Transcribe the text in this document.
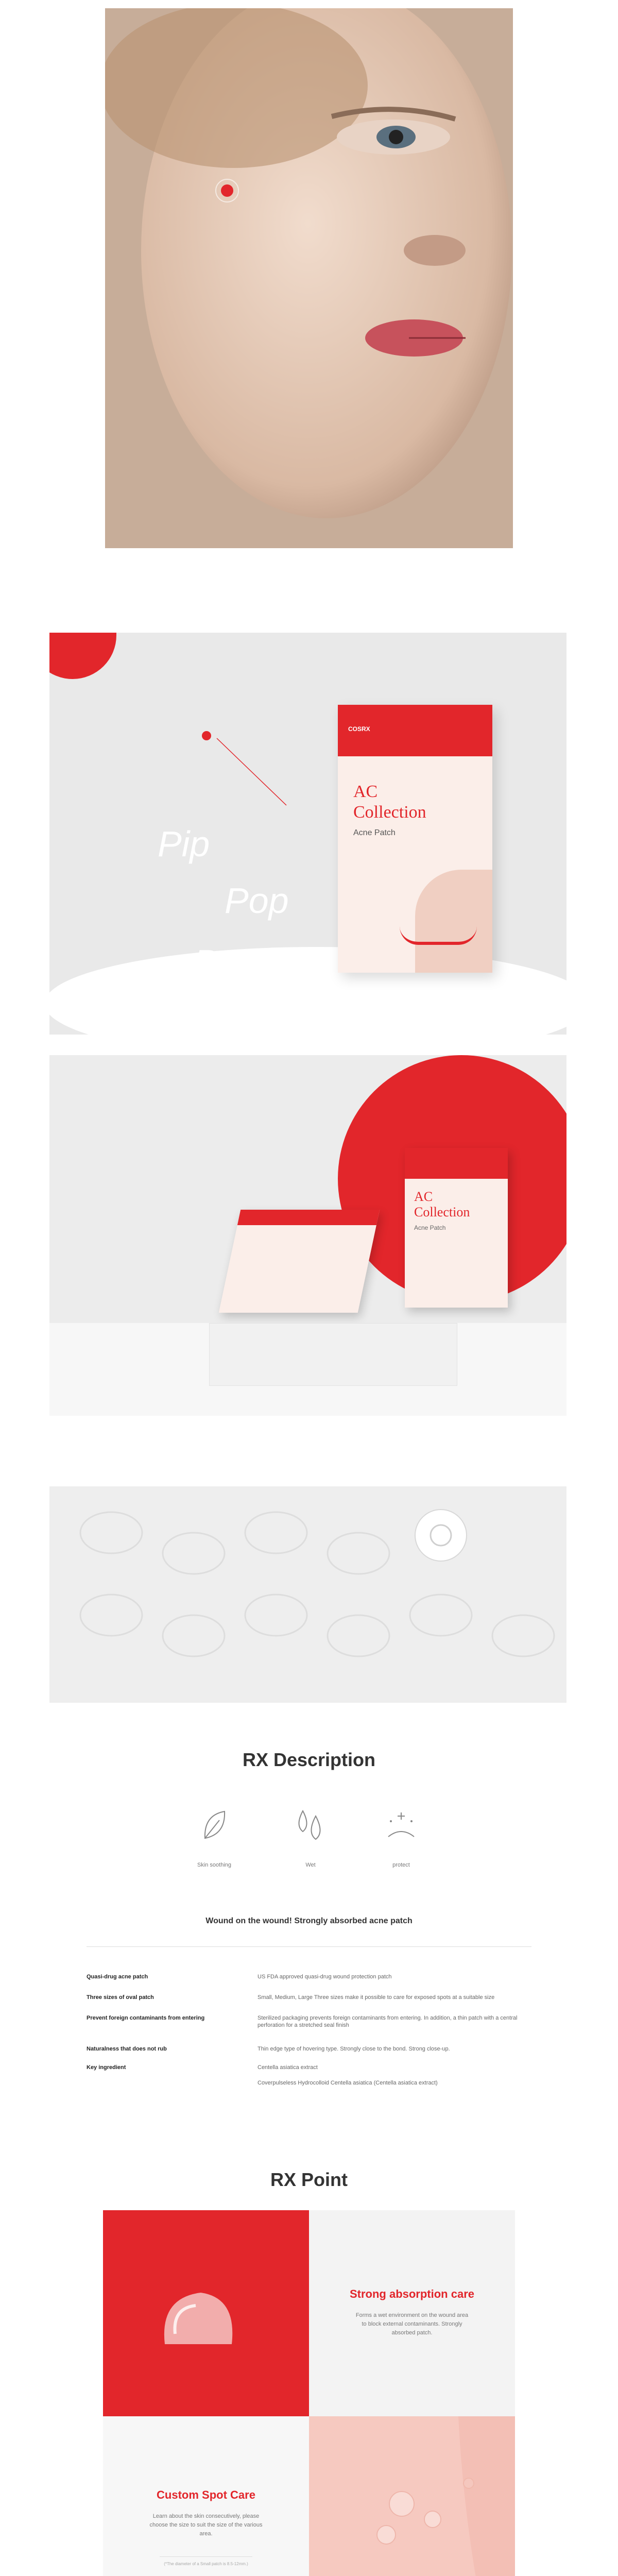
Pip
Pop
Pew
COSRX
AC
Collection
Acne Patch
AC
Collection
Acne Patch
RX Description
Skin soothing	Wet	protect
Wound on the wound! Strongly absorbed acne patch
Quasi-drug acne patch	US FDA approved quasi-drug wound protection patch
Three sizes of oval patch	Small, Medium, Large Three sizes make it possible to care for exposed spots at a suitable size
Prevent foreign contaminants from entering	Sterilized packaging prevents foreign contaminants from entering. In addition, a thin patch with a central perforation for a stretched seal finish
Naturalness that does not rub	Thin edge type of hovering type. Strongly close to the bond. Strong close-up.
Key ingredient	Centella asiatica extract
Coverpulseless Hydrocolloid Centella asiatica (Centella asiatica extract)
RX Point
Strong absorption care
Forms a wet environment on the wound area to block external contaminants. Strongly absorbed patch.
Custom Spot Care
Learn about the skin consecutively, please choose the size to suit the size of the various area.
(*The diameter of a Small patch is 8.5-12mm.)
